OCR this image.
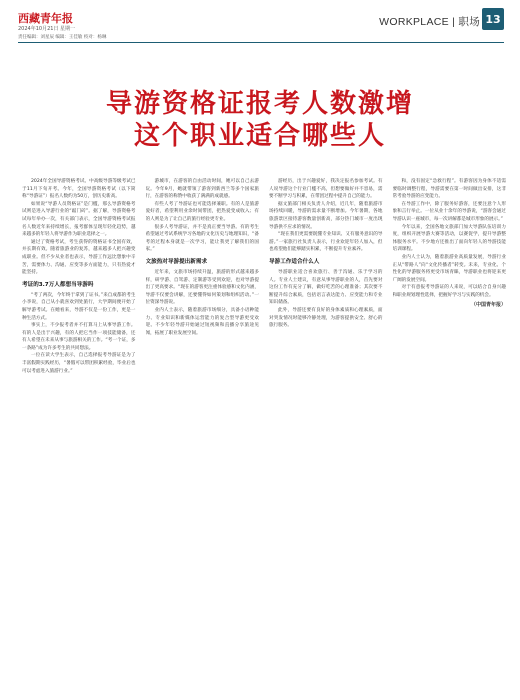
西藏青年报
2024年10月21日 星期一
责任编辑：刘星辰 编辑：王佳敏 校对：杨琳
WORKPLACE | 职场 13
导游资格证报考人数激增
这个职业适合哪些人

2024年全国导游资格考试、中高级导游等级考试已于11月下旬开考。今年，全国导游资格考试（以下简称“导游证”）报名人数约为50万，创历史新高。

如果说“导游人员资格证”是门槛，那么导游资格考试则是进入导游行业的“敲门砖”。据了解，导游资格考试每年举办一次，有关部门表示，全国导游资格考试报名人数近年来持续增长，报考群体呈现年轻化趋势，越来越多的年轻人将导游作为职业选择之一。

通过了资格考试，考生获得的资格证书全国有效，并长期有效。随着旅游业的复苏，越来越多人把兴趣变成职业。但不少从业者也表示，导游工作远比想象中辛苦，需要体力、沟通、应变等多方面能力，只有热爱才能坚持。

考证的3.7万人都想当导游吗

“考了两次，今年终于拿到了证书。”来自成都的考生小李说，自己从小就喜欢到处旅行，大学期间便开始了解导游考试。在她看来，导游不仅是一份工作，更是一种生活方式。

事实上，不少报考者并不打算马上从事导游工作。有的人是出于兴趣，有的人把它当作一项技能储备，还有人希望在未来从事与旅游相关的工作。“考一个证，多一条路”成为许多考生的共同想法。

一位在读大学生表示，自己选择报考导游证是为了丰富假期实践经历，“暑假可以带团积累经验，毕业后也可以考虑进入旅游行业。”

游城市，在游客的自由活动时间，她可以自己去游玩。今年9月，她就带领了游客到新西兰等多个国家旅行，在游客的称赞中收获了满满的成就感。

有些人考了导游证也可能选择兼职。有的人是旅游爱好者，希望利用业余时间带团，把热爱变成收入；有的人则是为了让自己的旅行经验更专业。

很多人考导游证，并不是真正要当导游。有的考生希望通过考试系统学习各地的文化历史与地理知识，“备考的过程本身就是一次学习，能让我更了解我们的国家。”

文旅热对导游提出新需求

近年来，文旅市场持续升温，旅游的形式越来越多样，研学游、自驾游、定制游等受到欢迎，也对导游提出了更高要求。“现在的游客更注重体验感和文化内涵，导游不仅要会讲解，还要懂得如何策划和组织活动。”一位资深导游说。

业内人士表示，随着旅游市场细分，具备小语种能力、专业知识和新媒体运营能力的复合型导游更受欢迎。不少年轻导游开始通过短视频和直播分享旅途见闻，拓展了职业发展空间。

游经历，出于兴趣爱好，我决定报名参加考试。有人说导游这个行业门槛不高，但想要做好并不容易，需要不断学习与积累，在带团过程中提升自己的能力。

据文旅部门相关负责人介绍，近几年，随着旅游市场持续回暖，导游的需求量不断增加。今年暑期，各地旅游景区接待游客数量创新高，部分热门城市一度出现导游供不应求的情况。

“现在我们更需要既懂专业知识、又有服务意识的导游。”一家旅行社负责人表示，行业欢迎年轻人加入，但也希望他们能够踏实积累，不断提升专业素养。

导游工作适合什么人

导游职业适合喜欢旅行、善于沟通、乐于学习的人。专业人士建议，有意从事导游职业的人，首先要对这份工作有充分了解，做好吃苦的心理准备；其次要不断提升综合素质，包括语言表达能力、应变能力和专业知识储备。

此外，导游还要有良好的身体素质和心理素质，面对突发情况时能够冷静处理，为游客提供安全、舒心的旅行服务。

和，没有固定“急救行程”。有游客因为身体不适需要临时调整行程，导游需要在第一时间做出安排，这非常考验导游的应变能力。

在导游工作中，除了服务好游客，还要注意个人形象和言行举止。一位从业十余年的导游说，“游客会通过导游认识一座城市，每一次讲解都是城市形象的展示。”

今年以来，全国各地文旅部门加大导游队伍培训力度，组织开展导游大赛等活动，以赛促学，提升导游整体服务水平。不少地方还推出了面向年轻人的导游技能培训课程。

业内人士认为，随着旅游业高质量发展，导游行业正从“带路人”向“文化传播者”转变。未来，专业化、个性化的导游服务将更受市场青睐，导游职业也将迎来更广阔的发展空间。

对于有意报考导游证的人来说，可以结合自身兴趣和职业规划理性选择，把握好学习与实践的机会。

（中国青年报）
